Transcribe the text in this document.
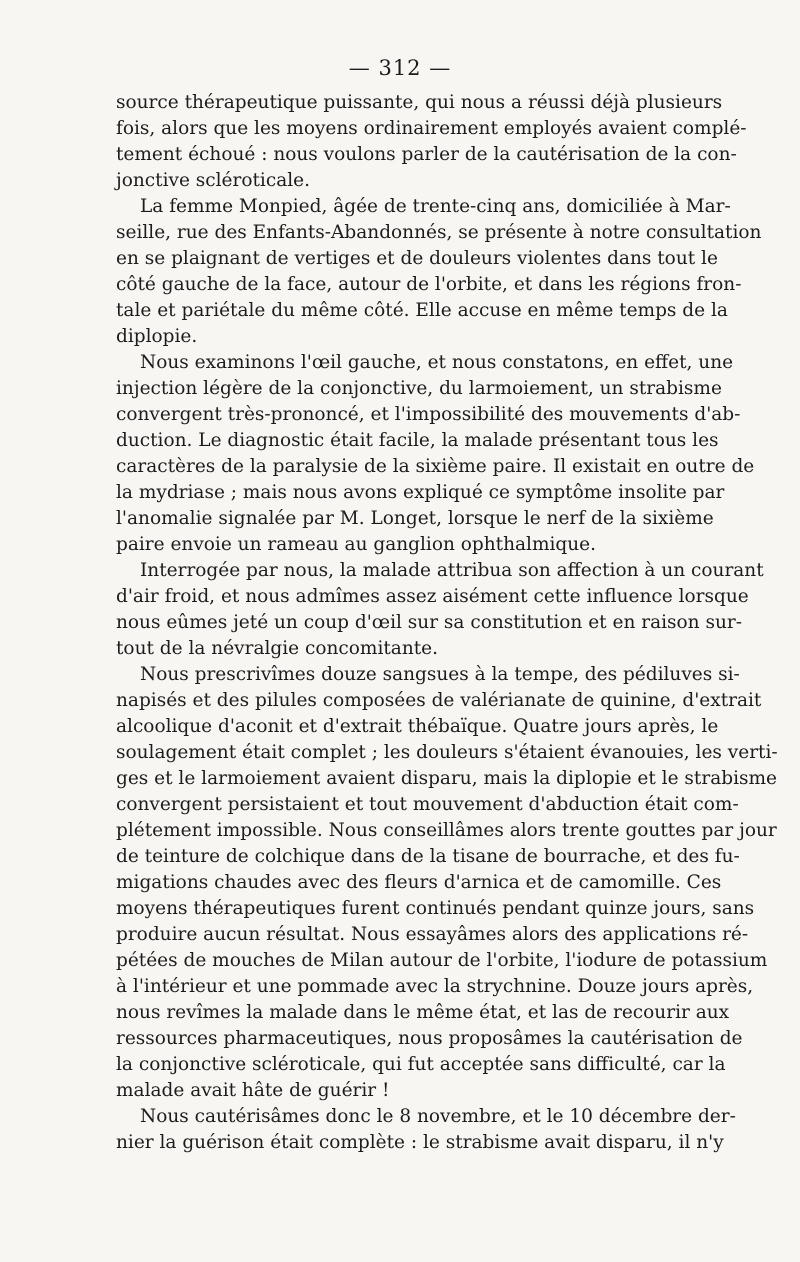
— 312 —
source thérapeutique puissante, qui nous a réussi déjà plusieurs
fois, alors que les moyens ordinairement employés avaient complé-
tement échoué : nous voulons parler de la cautérisation de la con-
jonctive scléroticale.
La femme Monpied, âgée de trente-cinq ans, domiciliée à Mar-
seille, rue des Enfants-Abandonnés, se présente à notre consultation
en se plaignant de vertiges et de douleurs violentes dans tout le
côté gauche de la face, autour de l'orbite, et dans les régions fron-
tale et pariétale du même côté. Elle accuse en même temps de la
diplopie.
Nous examinons l'œil gauche, et nous constatons, en effet, une
injection légère de la conjonctive, du larmoiement, un strabisme
convergent très-prononcé, et l'impossibilité des mouvements d'ab-
duction. Le diagnostic était facile, la malade présentant tous les
caractères de la paralysie de la sixième paire. Il existait en outre de
la mydriase ; mais nous avons expliqué ce symptôme insolite par
l'anomalie signalée par M. Longet, lorsque le nerf de la sixième
paire envoie un rameau au ganglion ophthalmique.
Interrogée par nous, la malade attribua son affection à un courant
d'air froid, et nous admîmes assez aisément cette influence lorsque
nous eûmes jeté un coup d'œil sur sa constitution et en raison sur-
tout de la névralgie concomitante.
Nous prescrivîmes douze sangsues à la tempe, des pédiluves si-
napisés et des pilules composées de valérianate de quinine, d'extrait
alcoolique d'aconit et d'extrait thébaïque. Quatre jours après, le
soulagement était complet ; les douleurs s'étaient évanouies, les verti-
ges et le larmoiement avaient disparu, mais la diplopie et le strabisme
convergent persistaient et tout mouvement d'abduction était com-
plétement impossible. Nous conseillâmes alors trente gouttes par jour
de teinture de colchique dans de la tisane de bourrache, et des fu-
migations chaudes avec des fleurs d'arnica et de camomille. Ces
moyens thérapeutiques furent continués pendant quinze jours, sans
produire aucun résultat. Nous essayâmes alors des applications ré-
pétées de mouches de Milan autour de l'orbite, l'iodure de potassium
à l'intérieur et une pommade avec la strychnine. Douze jours après,
nous revîmes la malade dans le même état, et las de recourir aux
ressources pharmaceutiques, nous proposâmes la cautérisation de
la conjonctive scléroticale, qui fut acceptée sans difficulté, car la
malade avait hâte de guérir !
Nous cautérisâmes donc le 8 novembre, et le 10 décembre der-
nier la guérison était complète : le strabisme avait disparu, il n'y
